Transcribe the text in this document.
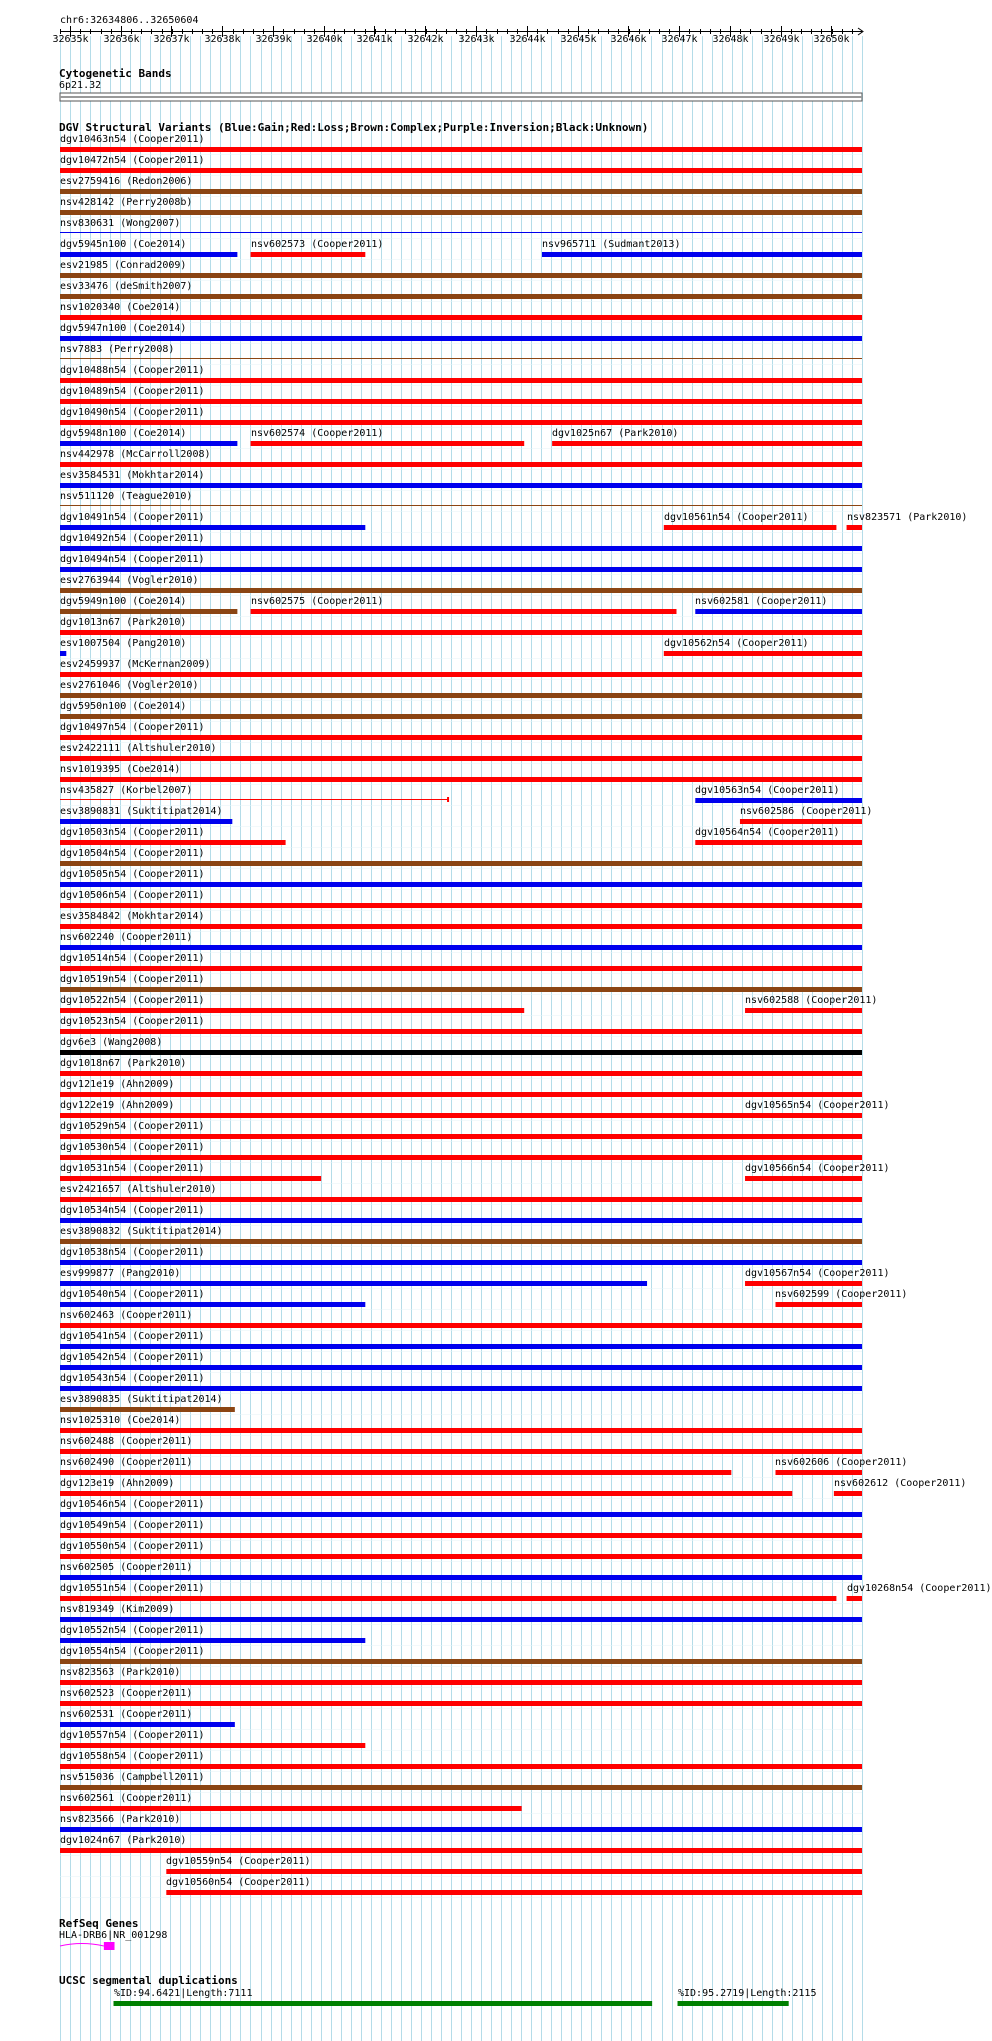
chr6:32634806..32650604
32635k	32636k	32637k	32638k	32639k	32640k	32641k	32642k	32643k	32644k	32645k	32646k	32647k	32648k	32649k	32650k
Cytogenetic Bands
6p21.32
DGV Structural Variants (Blue:Gain;Red:Loss;Brown:Complex;Purple:Inversion;Black:Unknown)
dgv10463n54 (Cooper2011)
dgv10472n54 (Cooper2011)
esv2759416 (Redon2006)
nsv428142 (Perry2008b)
nsv830631 (Wong2007)
dgv5945n100 (Coe2014)	nsv602573 (Cooper2011)	nsv965711 (Sudmant2013)
esv21985 (Conrad2009)
esv33476 (deSmith2007)
nsv1020340 (Coe2014)
dgv5947n100 (Coe2014)
nsv7883 (Perry2008)
dgv10488n54 (Cooper2011)
dgv10489n54 (Cooper2011)
dgv10490n54 (Cooper2011)
dgv5948n100 (Coe2014)	nsv602574 (Cooper2011)	dgv1025n67 (Park2010)
nsv442978 (McCarroll2008)
esv3584531 (Mokhtar2014)
nsv511120 (Teague2010)
dgv10491n54 (Cooper2011)	dgv10561n54 (Cooper2011)	nsv823571 (Park2010)
dgv10492n54 (Cooper2011)
dgv10494n54 (Cooper2011)
esv2763944 (Vogler2010)
dgv5949n100 (Coe2014)	nsv602575 (Cooper2011)	nsv602581 (Cooper2011)
dgv1013n67 (Park2010)
esv1007504 (Pang2010)	dgv10562n54 (Cooper2011)
esv2459937 (McKernan2009)
esv2761046 (Vogler2010)
dgv5950n100 (Coe2014)
dgv10497n54 (Cooper2011)
esv2422111 (Altshuler2010)
nsv1019395 (Coe2014)
nsv435827 (Korbel2007)	dgv10563n54 (Cooper2011)
esv3890831 (Suktitipat2014)	nsv602586 (Cooper2011)
dgv10503n54 (Cooper2011)	dgv10564n54 (Cooper2011)
dgv10504n54 (Cooper2011)
dgv10505n54 (Cooper2011)
dgv10506n54 (Cooper2011)
esv3584842 (Mokhtar2014)
nsv602240 (Cooper2011)
dgv10514n54 (Cooper2011)
dgv10519n54 (Cooper2011)
dgv10522n54 (Cooper2011)	nsv602588 (Cooper2011)
dgv10523n54 (Cooper2011)
dgv6e3 (Wang2008)
dgv1018n67 (Park2010)
dgv121e19 (Ahn2009)
dgv122e19 (Ahn2009)	dgv10565n54 (Cooper2011)
dgv10529n54 (Cooper2011)
dgv10530n54 (Cooper2011)
dgv10531n54 (Cooper2011)	dgv10566n54 (Cooper2011)
esv2421657 (Altshuler2010)
dgv10534n54 (Cooper2011)
esv3890832 (Suktitipat2014)
dgv10538n54 (Cooper2011)
esv999877 (Pang2010)	dgv10567n54 (Cooper2011)
dgv10540n54 (Cooper2011)	nsv602599 (Cooper2011)
nsv602463 (Cooper2011)
dgv10541n54 (Cooper2011)
dgv10542n54 (Cooper2011)
dgv10543n54 (Cooper2011)
esv3890835 (Suktitipat2014)
nsv1025310 (Coe2014)
nsv602488 (Cooper2011)
nsv602490 (Cooper2011)	nsv602606 (Cooper2011)
dgv123e19 (Ahn2009)	nsv602612 (Cooper2011)
dgv10546n54 (Cooper2011)
dgv10549n54 (Cooper2011)
dgv10550n54 (Cooper2011)
nsv602505 (Cooper2011)
dgv10551n54 (Cooper2011)	dgv10268n54 (Cooper2011)
nsv819349 (Kim2009)
dgv10552n54 (Cooper2011)
dgv10554n54 (Cooper2011)
nsv823563 (Park2010)
nsv602523 (Cooper2011)
nsv602531 (Cooper2011)
dgv10557n54 (Cooper2011)
dgv10558n54 (Cooper2011)
nsv515036 (Campbell2011)
nsv602561 (Cooper2011)
nsv823566 (Park2010)
dgv1024n67 (Park2010)
dgv10559n54 (Cooper2011)
dgv10560n54 (Cooper2011)
RefSeq Genes
HLA-DRB6|NR_001298
UCSC segmental duplications
%ID:94.6421|Length:7111	%ID:95.2719|Length:2115
